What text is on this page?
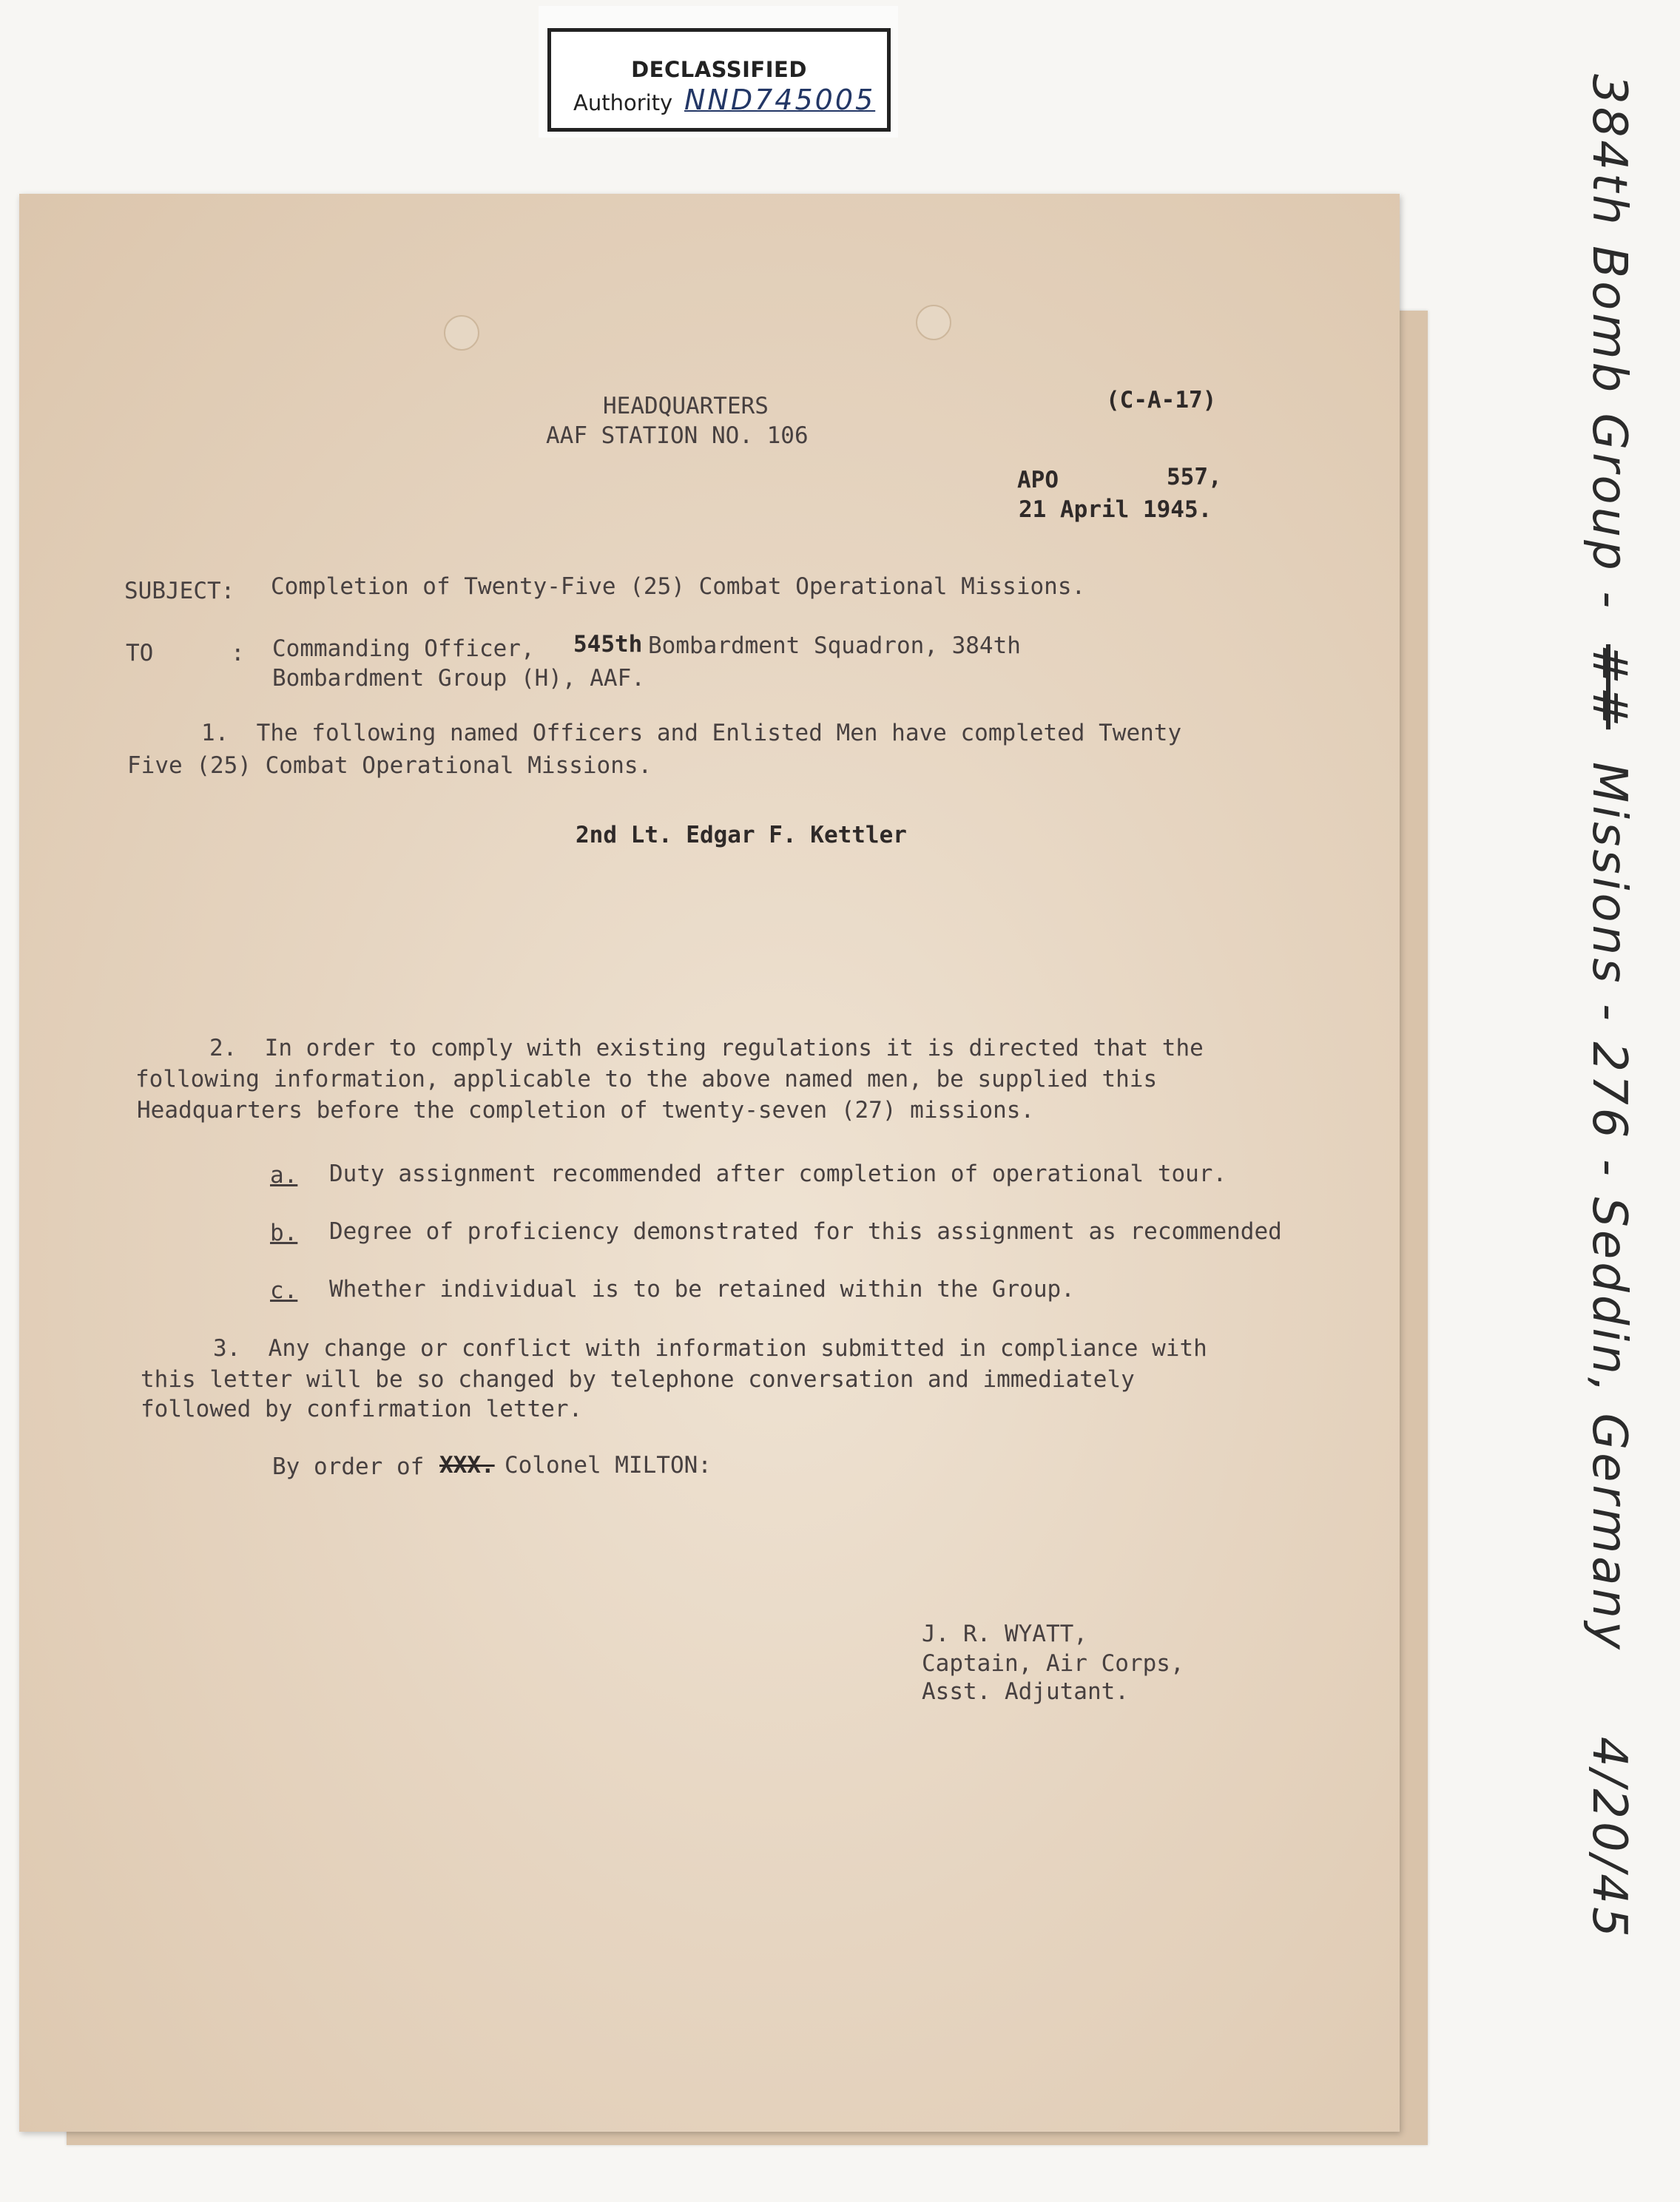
DECLASSIFIED
Authority NND745005
HEADQUARTERS
AAF STATION NO. 106
(C-A-17)
APO	557,
21 April 1945.
SUBJECT: Completion of Twenty-Five (25) Combat Operational Missions.
TO	: Commanding Officer, 545th Bombardment Squadron, 384th
Bombardment Group (H), AAF.
1.  The following named Officers and Enlisted Men have completed Twenty
Five (25) Combat Operational Missions.
2nd Lt. Edgar F. Kettler
2.  In order to comply with existing regulations it is directed that the
following information, applicable to the above named men, be supplied this
Headquarters before the completion of twenty-seven (27) missions.
a. Duty assignment recommended after completion of operational tour.
b. Degree of proficiency demonstrated for this assignment as recommended
c. Whether individual is to be retained within the Group.
3.  Any change or conflict with information submitted in compliance with
this letter will be so changed by telephone conversation and immediately
followed by confirmation letter.
By order of XXX. Colonel MILTON:
J. R. WYATT,
Captain, Air Corps,
Asst. Adjutant.
384th Bomb Group - ## Missions - 276 - Seddin, Germany 4/20/45
